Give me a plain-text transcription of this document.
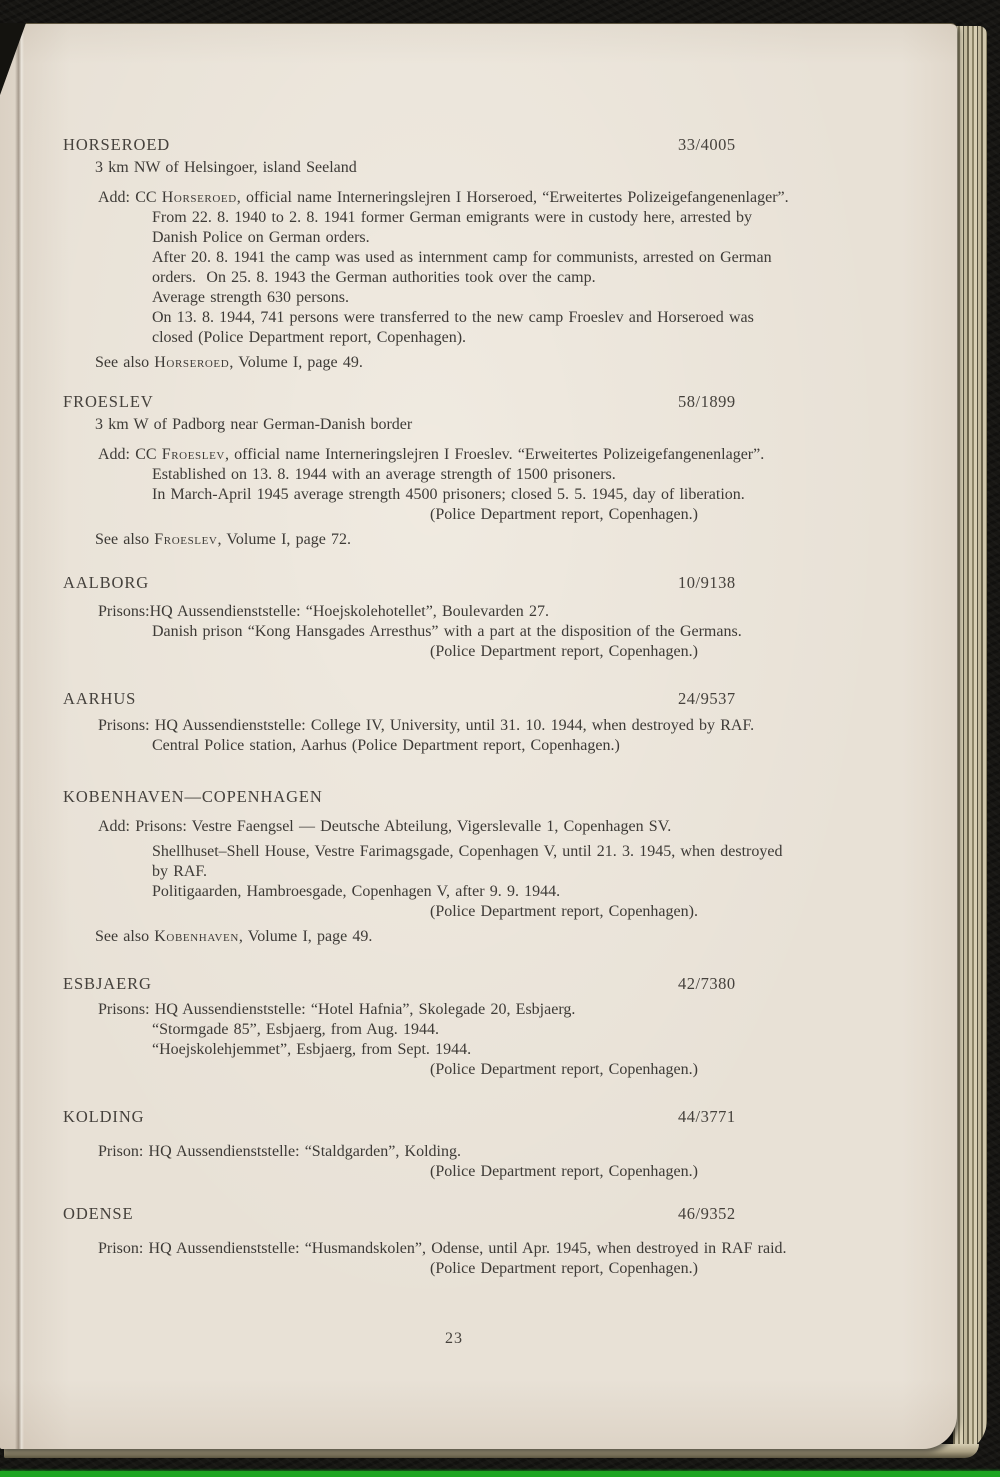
HORSEROED	33/4005
3 km NW of Helsingoer, island Seeland
Add: CC Horseroed, official name Interneringslejren I Horseroed, “Erweitertes Polizeigefangenenlager”.
From 22. 8. 1940 to 2. 8. 1941 former German emigrants were in custody here, arrested by
Danish Police on German orders.
After 20. 8. 1941 the camp was used as internment camp for communists, arrested on German
orders.  On 25. 8. 1943 the German authorities took over the camp.
Average strength 630 persons.
On 13. 8. 1944, 741 persons were transferred to the new camp Froeslev and Horseroed was
closed (Police Department report, Copenhagen).
See also Horseroed, Volume I, page 49.
FROESLEV	58/1899
3 km W of Padborg near German-Danish border
Add: CC Froeslev, official name Interneringslejren I Froeslev. “Erweitertes Polizeigefangenenlager”.
Established on 13. 8. 1944 with an average strength of 1500 prisoners.
In March-April 1945 average strength 4500 prisoners; closed 5. 5. 1945, day of liberation.
(Police Department report, Copenhagen.)
See also Froeslev, Volume I, page 72.
AALBORG	10/9138
Prisons:HQ Aussendienststelle: “Hoejskolehotellet”, Boulevarden 27.
Danish prison “Kong Hansgades Arresthus” with a part at the disposition of the Germans.
(Police Department report, Copenhagen.)
AARHUS	24/9537
Prisons: HQ Aussendienststelle: College IV, University, until 31. 10. 1944, when destroyed by RAF.
Central Police station, Aarhus (Police Department report, Copenhagen.)
KOBENHAVEN—COPENHAGEN
Add: Prisons: Vestre Faengsel — Deutsche Abteilung, Vigerslevalle 1, Copenhagen SV.
Shellhuset–Shell House, Vestre Farimagsgade, Copenhagen V, until 21. 3. 1945, when destroyed
by RAF.
Politigaarden, Hambroesgade, Copenhagen V, after 9. 9. 1944.
(Police Department report, Copenhagen).
See also Kobenhaven, Volume I, page 49.
ESBJAERG	42/7380
Prisons: HQ Aussendienststelle: “Hotel Hafnia”, Skolegade 20, Esbjaerg.
“Stormgade 85”, Esbjaerg, from Aug. 1944.
“Hoejskolehjemmet”, Esbjaerg, from Sept. 1944.
(Police Department report, Copenhagen.)
KOLDING	44/3771
Prison: HQ Aussendienststelle: “Staldgarden”, Kolding.
(Police Department report, Copenhagen.)
ODENSE	46/9352
Prison: HQ Aussendienststelle: “Husmandskolen”, Odense, until Apr. 1945, when destroyed in RAF raid.
(Police Department report, Copenhagen.)
23
